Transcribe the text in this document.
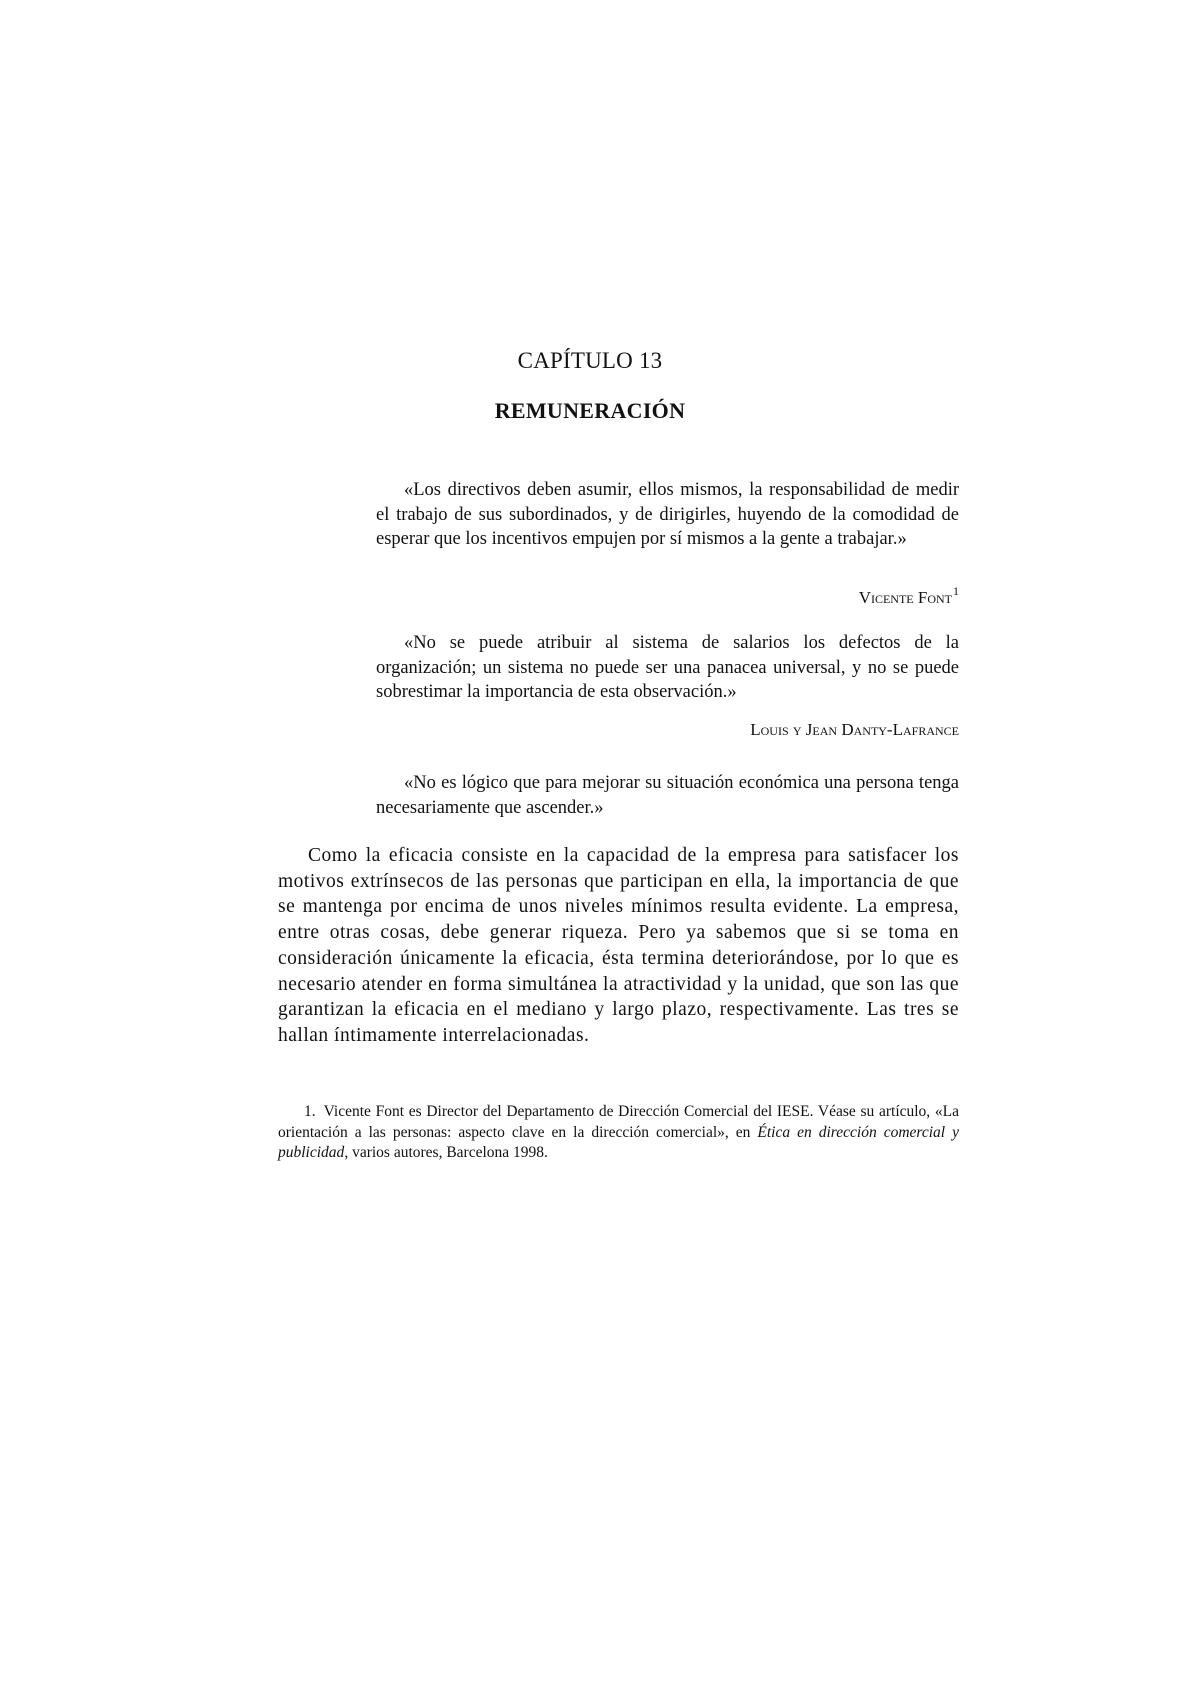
CAPÍTULO 13
REMUNERACIÓN

«Los directivos deben asumir, ellos mismos, la responsabilidad de medir el trabajo de sus subordinados, y de dirigirles, huyendo de la comodidad de esperar que los incentivos empujen por sí mismos a la gente a trabajar.»

Vicente Font$^1$

«No se puede atribuir al sistema de salarios los defectos de la organización; un sistema no puede ser una panacea universal, y no se puede sobrestimar la importancia de esta observación.»

Louis y Jean Danty-Lafrance

«No es lógico que para mejorar su situación económica una persona tenga necesariamente que ascender.»

Como la eficacia consiste en la capacidad de la empresa para satisfacer los motivos extrínsecos de las personas que participan en ella, la importancia de que se mantenga por encima de unos niveles mínimos resulta evidente. La empresa, entre otras cosas, debe generar riqueza. Pero ya sabemos que si se toma en consideración únicamente la eficacia, ésta termina deteriorándose, por lo que es necesario atender en forma simultánea la atractividad y la unidad, que son las que garantizan la eficacia en el mediano y largo plazo, respectivamente. Las tres se hallan íntimamente interrelacionadas.

1. Vicente Font es Director del Departamento de Dirección Comercial del IESE. Véase su artículo, «La orientación a las personas: aspecto clave en la dirección comercial», en Ética en dirección comercial y publicidad, varios autores, Barcelona 1998.
